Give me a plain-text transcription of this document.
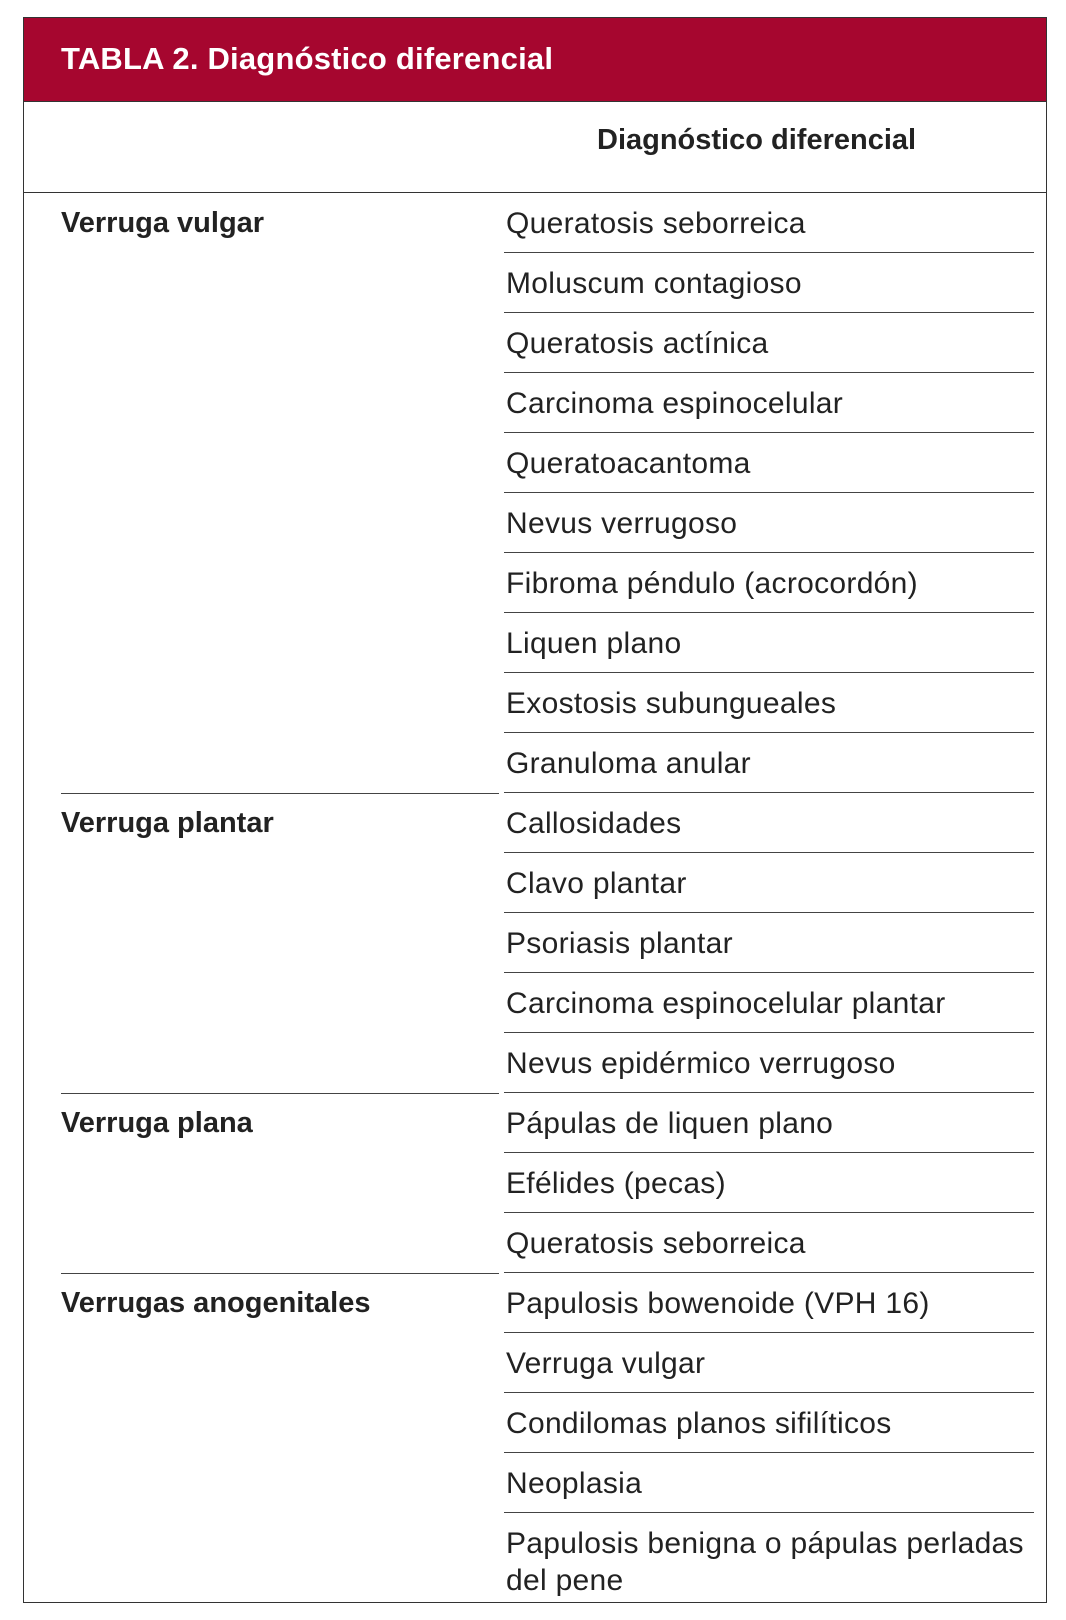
TABLA 2. Diagnóstico diferencial
Diagnóstico diferencial
Verruga vulgar	Queratosis seborreica
Moluscum contagioso
Queratosis actínica
Carcinoma espinocelular
Queratoacantoma
Nevus verrugoso
Fibroma péndulo (acrocordón)
Liquen plano
Exostosis subungueales
Granuloma anular
Verruga plantar	Callosidades
Clavo plantar
Psoriasis plantar
Carcinoma espinocelular plantar
Nevus epidérmico verrugoso
Verruga plana	Pápulas de liquen plano
Efélides (pecas)
Queratosis seborreica
Verrugas anogenitales	Papulosis bowenoide (VPH 16)
Verruga vulgar
Condilomas planos sifilíticos
Neoplasia
Papulosis benigna o pápulas perladas del pene
